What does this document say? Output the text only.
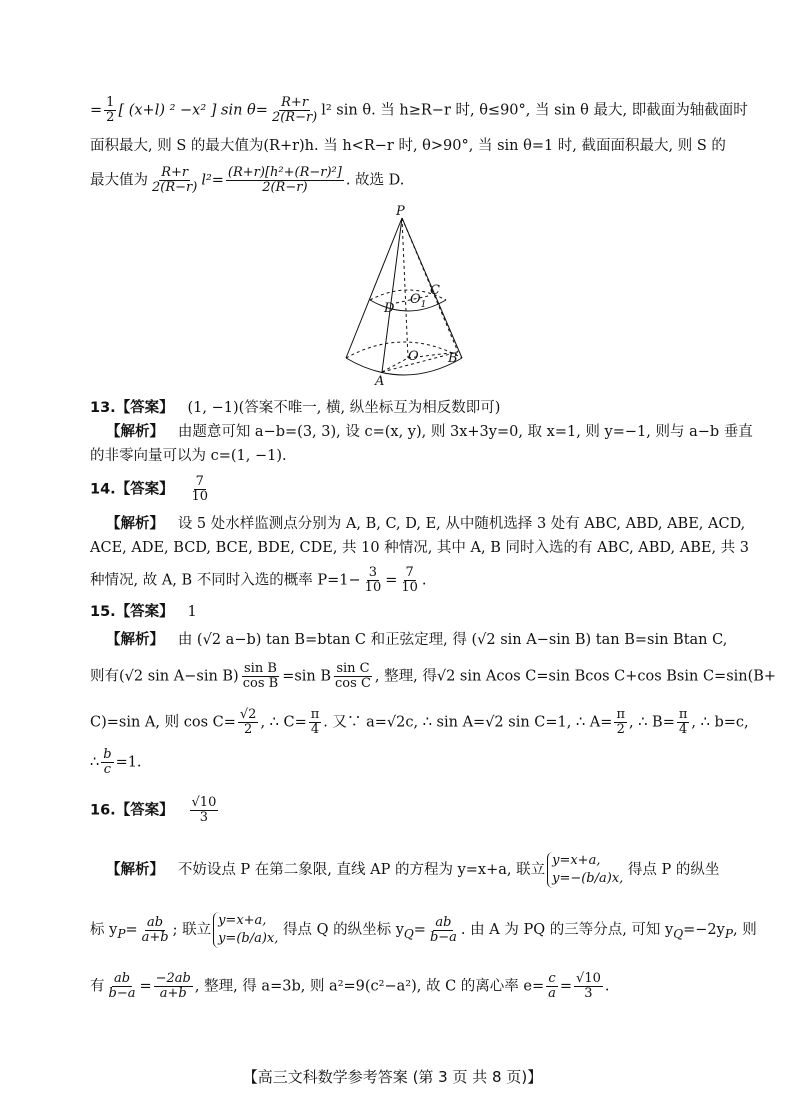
= $\frac{1}{2}$ [ (x+l) ² −x² ] $\sin \theta= \frac{R+r}{2(R-r)} l^2$ sin θ. 当 h≥R−r 时, θ≤90°, 当 sin θ 最大, 即截面为轴截面时
面积最大, 则 S 的最大值为(R+r)h. 当 h<R−r 时, θ>90°, 当 sin θ=1 时, 截面面积最大, 则 S 的
最大值为 $\frac{R+r}{2(R-r)} l^2= \frac{\text{(R+r)[h²+(R−r)²]}}{2(R-r)}$ . 故选 D.
P
C
$O_1$
D
O B
A
13.【答案】 (1, −1)(答案不唯一, 横, 纵坐标互为相反数即可)
【解析】 由题意可知 a−b=(3, 3), 设 c=(x, y), 则 3x+3y=0, 取 x=1, 则 y=−1, 则与 a−b 垂直
的非零向量可以为 c=(1, −1).
14.【答案】 $\frac{7}{10}$
【解析】 设 5 处水样监测点分别为 A, B, C, D, E, 从中随机选择 3 处有 ABC, ABD, ABE, ACD,
ACE, ADE, BCD, BCE, BDE, CDE, 共 10 种情况, 其中 A, B 同时入选的有 ABC, ABD, ABE, 共 3
种情况, 故 A, B 不同时入选的概率 $P=1- \frac{3}{10} = \frac{7}{10}$ .
15.【答案】 1
【解析】 由 (√2 a−b) tan B=btan C 和正弦定理, 得 (√2 sin A−sin B) tan B=sin Btan C,
则有(√2 sin A−sin $B) \frac{\text{sin B}}{\text{cos B}} =\sin$ B $\frac{\text{sin C}}{\text{cos C}}$ , 整理, 得√2 sin Acos C=sin Bcos C+cos Bsin C=sin(B+
C)=sin A, 则 $\cos C= \frac{√2}{2}$ , ∴ $C= \frac{\pi}{4}$ . 又∵ a=√2c, ∴ sin A=√2 sin C=1, ∴ $A= \frac{\pi}{2}$ , ∴ $B= \frac{\pi}{4}$ , ∴ b=c,
∴ $\frac{b}{c} =1$.
16.【答案】 $\frac{√10}{3}$
【解析】 不妨设点 P 在第二象限, 直线 AP 的方程为 y=x+a, 联立y=x+a,
y=−(b/a)x, 得点 P 的纵坐
标 $y_P= \frac{ab}{a+b}$ ; 联立y=x+a,
y=(b/a)x, 得点 Q 的纵坐标 $y_Q= \frac{ab}{b-a}$ . 由 A 为 PQ 的三等分点, 可知 $y_Q=-2y_P$, 则
有 $\frac{ab}{b-a} = \frac{-2ab}{a+b}$ , 整理, 得 a=3b, 则 a²=9(c²−a²), 故 C 的离心率 $e= \frac{c}{a} = \frac{√10}{3}$ .
【高三文科数学参考答案 (第 3 页 共 8 页)】
